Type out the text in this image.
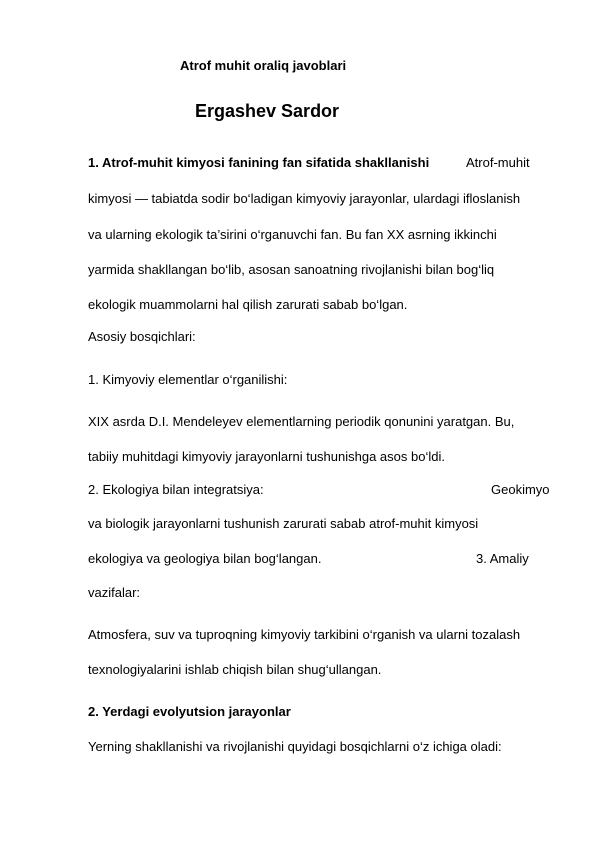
Atrof muhit oraliq javoblari
Ergashev Sardor
1. Atrof-muhit kimyosi fanining fan sifatida shakllanishi	Atrof-muhit
kimyosi — tabiatda sodir bo‘ladigan kimyoviy jarayonlar, ulardagi ifloslanish
va ularning ekologik ta’sirini o‘rganuvchi fan. Bu fan XX asrning ikkinchi
yarmida shakllangan bo‘lib, asosan sanoatning rivojlanishi bilan bog‘liq
ekologik muammolarni hal qilish zarurati sabab bo‘lgan.
Asosiy bosqichlari:
1. Kimyoviy elementlar o‘rganilishi:
XIX asrda D.I. Mendeleyev elementlarning periodik qonunini yaratgan. Bu,
tabiiy muhitdagi kimyoviy jarayonlarni tushunishga asos bo‘ldi.
2. Ekologiya bilan integratsiya:	Geokimyo
va biologik jarayonlarni tushunish zarurati sabab atrof-muhit kimyosi
ekologiya va geologiya bilan bog‘langan.	3. Amaliy
vazifalar:
Atmosfera, suv va tuproqning kimyoviy tarkibini o‘rganish va ularni tozalash
texnologiyalarini ishlab chiqish bilan shug‘ullangan.
2. Yerdagi evolyutsion jarayonlar
Yerning shakllanishi va rivojlanishi quyidagi bosqichlarni o‘z ichiga oladi:
